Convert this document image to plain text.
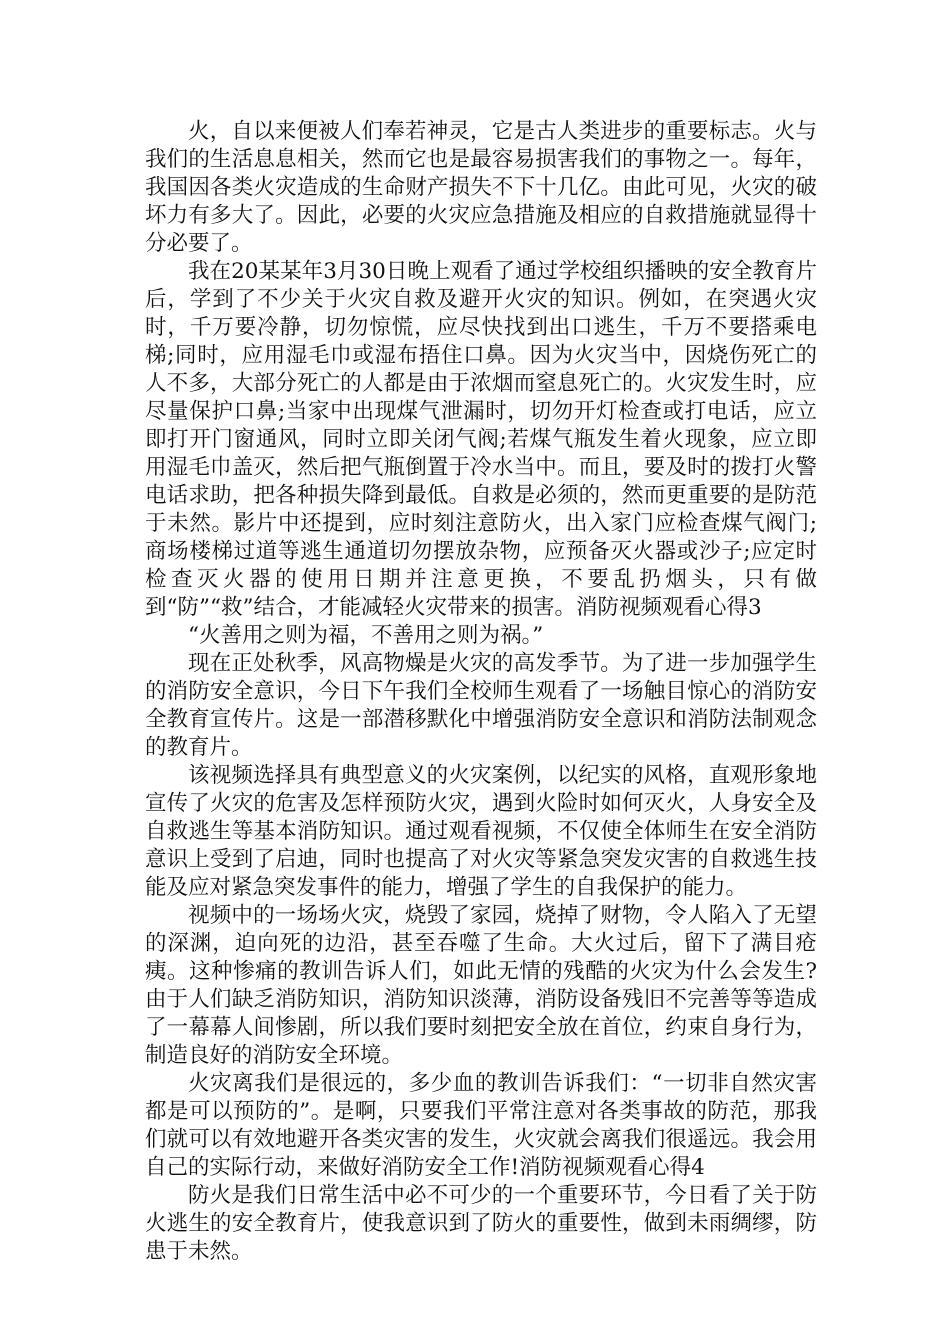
火，自以来便被人们奉若神灵，它是古人类进步的重要标志。火与我们的生活息息相关，然而它也是最容易损害我们的事物之一。每年，我国因各类火灾造成的生命财产损失不下十几亿。由此可见，火灾的破坏力有多大了。因此，必要的火灾应急措施及相应的自救措施就显得十分必要了。

我在20某某年3月30日晚上观看了通过学校组织播映的安全教育片后，学到了不少关于火灾自救及避开火灾的知识。例如，在突遇火灾时，千万要冷静，切勿惊慌，应尽快找到出口逃生，千万不要搭乘电梯;同时，应用湿毛巾或湿布捂住口鼻。因为火灾当中，因烧伤死亡的人不多，大部分死亡的人都是由于浓烟而窒息死亡的。火灾发生时，应尽量保护口鼻;当家中出现煤气泄漏时，切勿开灯检查或打电话，应立即打开门窗通风，同时立即关闭气阀;若煤气瓶发生着火现象，应立即用湿毛巾盖灭，然后把气瓶倒置于冷水当中。而且，要及时的拨打火警电话求助，把各种损失降到最低。自救是必须的，然而更重要的是防范于未然。影片中还提到，应时刻注意防火，出入家门应检查煤气阀门;商场楼梯过道等逃生通道切勿摆放杂物，应预备灭火器或沙子;应定时检查灭火器的使用日期并注意更换，不要乱扔烟头，只有做到“防”“救”结合，才能减轻火灾带来的损害。消防视频观看心得3

“火善用之则为福，不善用之则为祸。”

现在正处秋季，风高物燥是火灾的高发季节。为了进一步加强学生的消防安全意识，今日下午我们全校师生观看了一场触目惊心的消防安全教育宣传片。这是一部潜移默化中增强消防安全意识和消防法制观念的教育片。

该视频选择具有典型意义的火灾案例，以纪实的风格，直观形象地宣传了火灾的危害及怎样预防火灾，遇到火险时如何灭火，人身安全及自救逃生等基本消防知识。通过观看视频，不仅使全体师生在安全消防意识上受到了启迪，同时也提高了对火灾等紧急突发灾害的自救逃生技能及应对紧急突发事件的能力，增强了学生的自我保护的能力。

视频中的一场场火灾，烧毁了家园，烧掉了财物，令人陷入了无望的深渊，迫向死的边沿，甚至吞噬了生命。大火过后，留下了满目疮痍。这种惨痛的教训告诉人们，如此无情的残酷的火灾为什么会发生?由于人们缺乏消防知识，消防知识淡薄，消防设备残旧不完善等等造成了一幕幕人间惨剧，所以我们要时刻把安全放在首位，约束自身行为，制造良好的消防安全环境。

火灾离我们是很远的，多少血的教训告诉我们：“一切非自然灾害都是可以预防的”。是啊，只要我们平常注意对各类事故的防范，那我们就可以有效地避开各类灾害的发生，火灾就会离我们很遥远。我会用自己的实际行动，来做好消防安全工作!消防视频观看心得4

防火是我们日常生活中必不可少的一个重要环节，今日看了关于防火逃生的安全教育片，使我意识到了防火的重要性，做到未雨绸缪，防患于未然。
